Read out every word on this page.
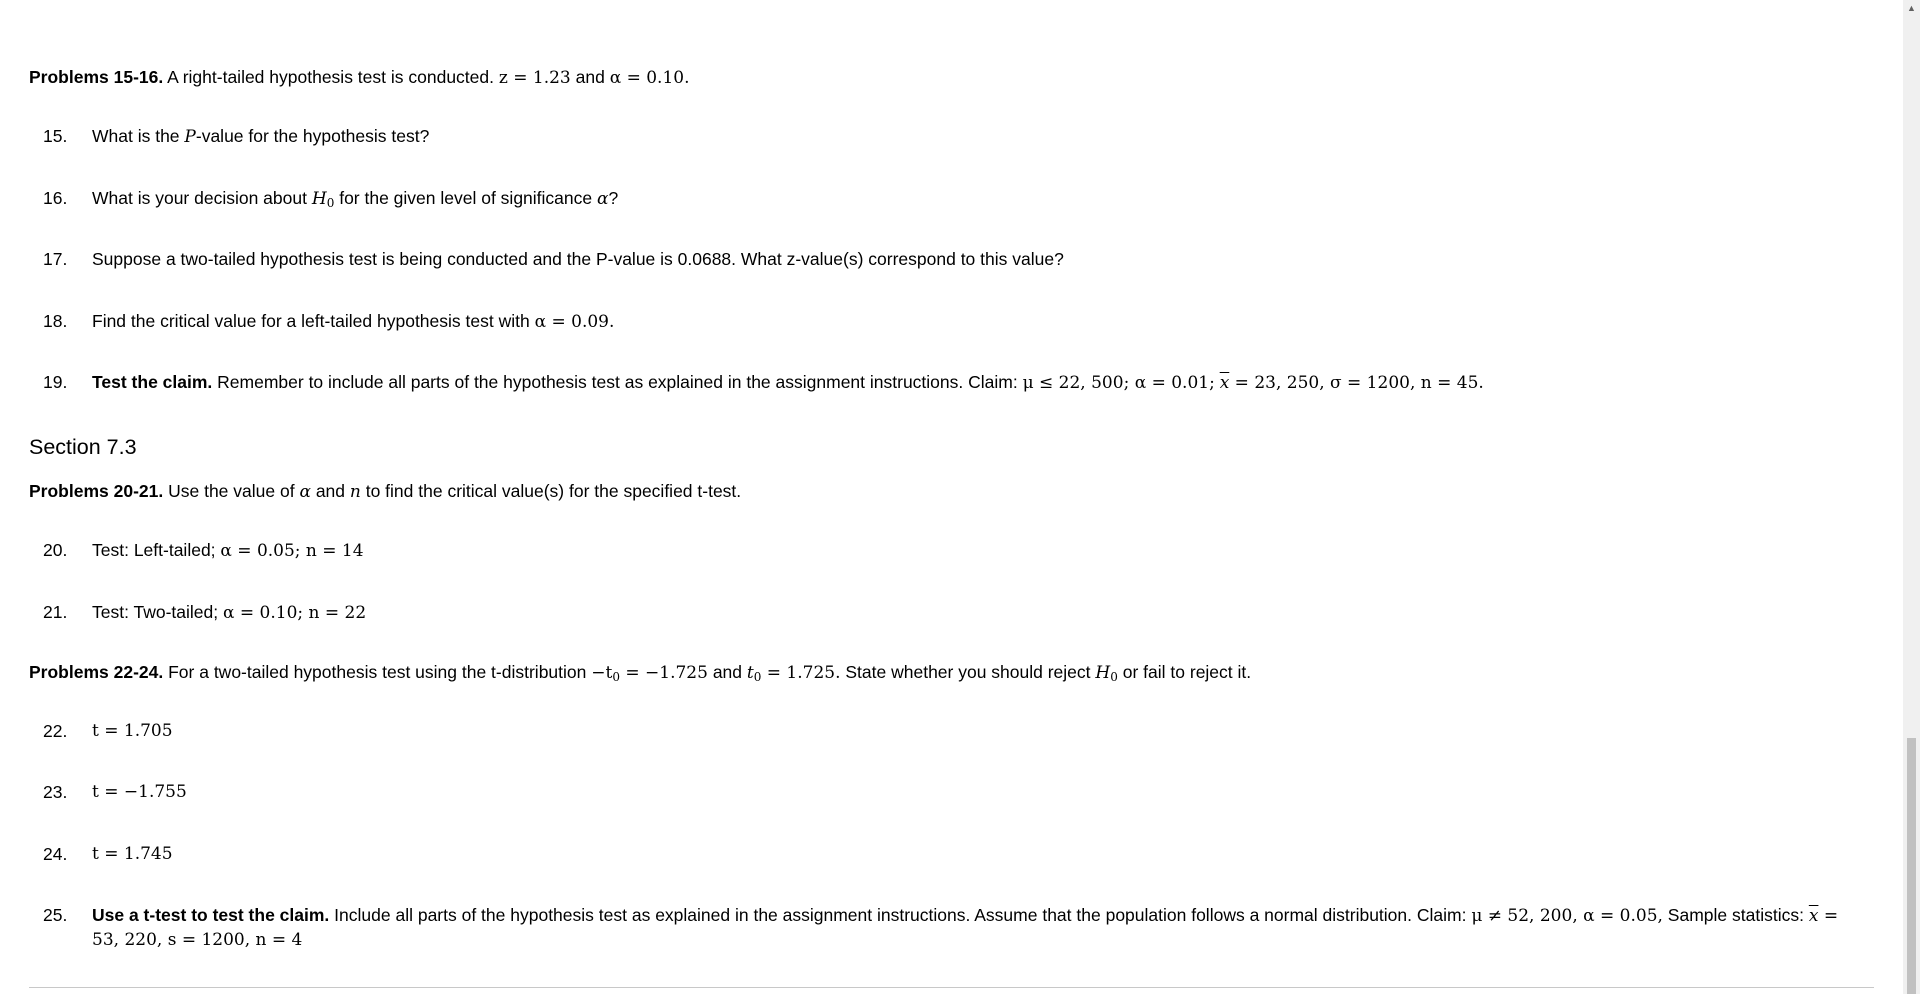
Problems 15-16. A right-tailed hypothesis test is conducted. z = 1.23 and α = 0.10.
15. What is the P-value for the hypothesis test?
16. What is your decision about $H_0$ for the given level of significance α?
17. Suppose a two-tailed hypothesis test is being conducted and the P-value is 0.0688. What z-value(s) correspond to this value?
18. Find the critical value for a left-tailed hypothesis test with α = 0.09.
19. Test the claim. Remember to include all parts of the hypothesis test as explained in the assignment instructions. Claim: μ ≤ 22, 500; α = 0.01; $\overline{x} = 23$, 250, σ = 1200, n = 45.
Section 7.3
Problems 20-21. Use the value of α and n to find the critical value(s) for the specified t-test.
20. Test: Left-tailed; α = 0.05; n = 14
21. Test: Two-tailed; α = 0.10; n = 22
Problems 22-24. For a two-tailed hypothesis test using the t-distribution $-t_0 = -1.725$ and $t_0 = 1.725$. State whether you should reject $H_0$ or fail to reject it.
22. t = 1.705
23. t = −1.755
24. t = 1.745
25. Use a t-test to test the claim. Include all parts of the hypothesis test as explained in the assignment instructions. Assume that the population follows a normal distribution. Claim: μ ≠ 52, 200, α = 0.05, Sample statistics: $\overline{x} = 53$, 220, s = 1200, n = 4
▲
